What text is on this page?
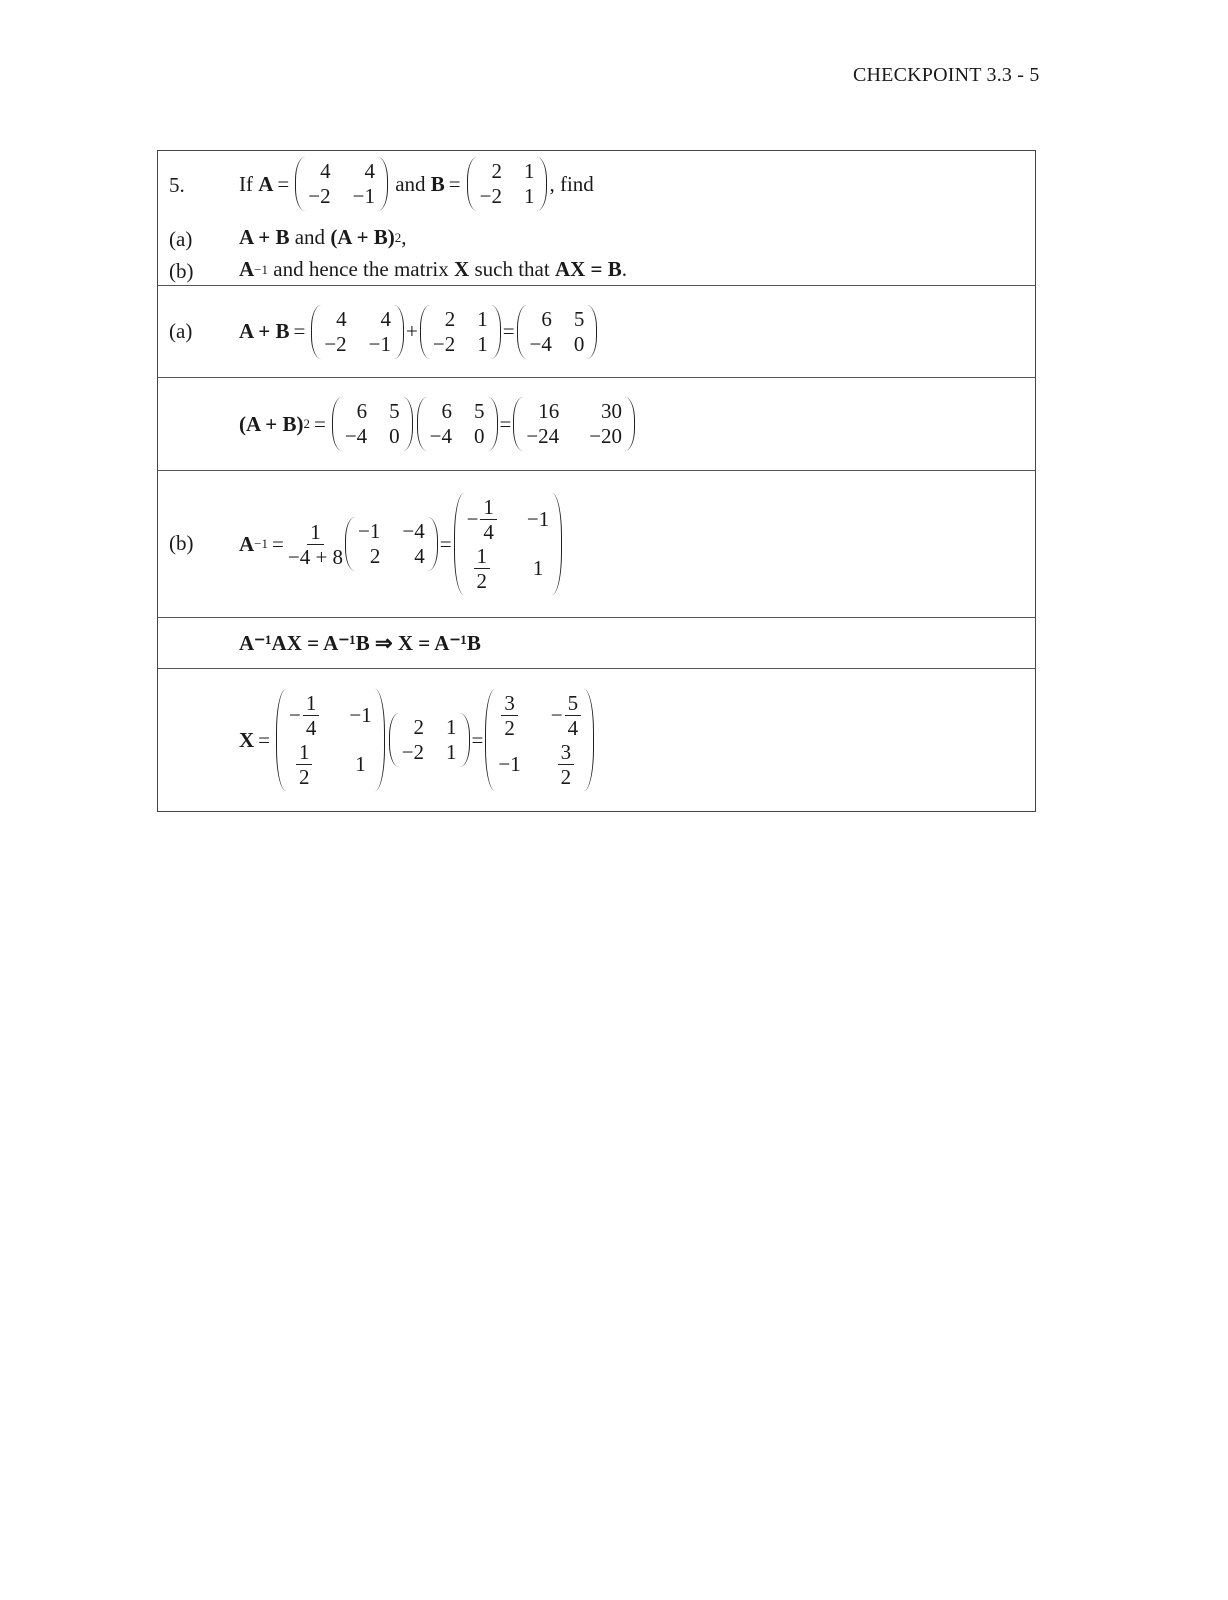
CHECKPOINT 3.3 - 5
5.	If
A =
4 4
−2 −1

and
B =
2 1
−2 1
, find
(a) A + B and (A + B) 2 ,
(b) A −1 and hence the matrix X such that AX = B .
(a) A + B =
4 4
−2 −1
+
2 1
−2 1
=
6 5
−4 0
(A + B) 2 =
6 5
−4 0
6 5
−4 0
=
16 30
−24 −20
(b) $A -1 = \frac{1}{-4 + 8} -1 -4$
2 4
=
− $\frac{1}{4} -1$
$\frac{1}{2} 1$
A⁻¹AX = A⁻¹B ⇒ X = A⁻¹B
X =
− $\frac{1}{4} -1$
$\frac{1}{2} 1$
2 1
−2 1
= $\frac{3}{2} - \frac{5}{4}$
$-1 \frac{3}{2}$
